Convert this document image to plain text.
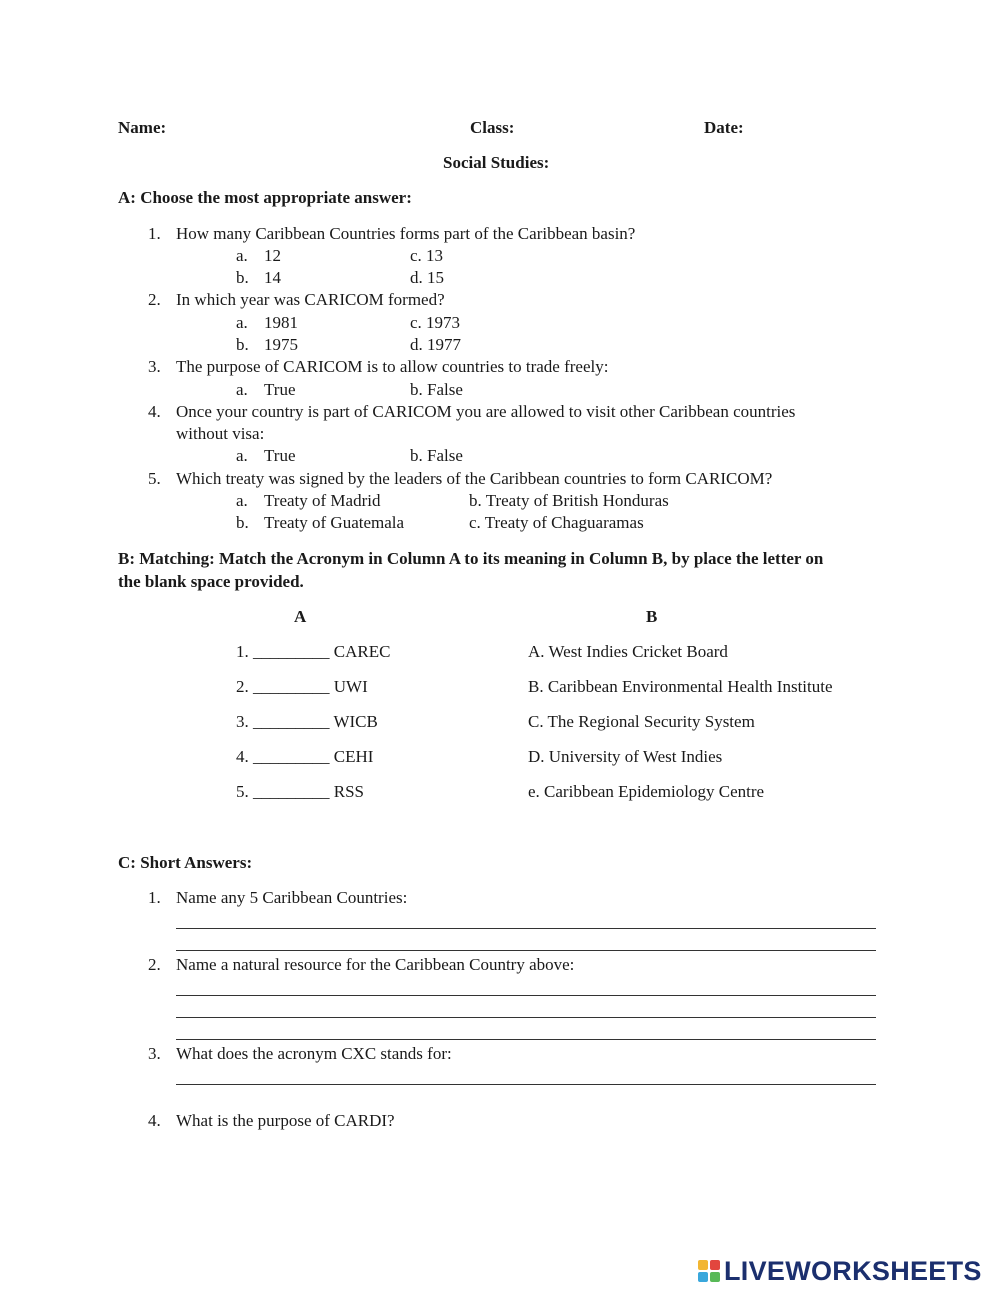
Name:	Class:	Date:
Social Studies:
A: Choose the most appropriate answer:
1. How many Caribbean Countries forms part of the Caribbean basin?
a. 12	c. 13
b. 14	d. 15
2. In which year was CARICOM formed?
a. 1981	c. 1973
b. 1975	d. 1977
3. The purpose of CARICOM is to allow countries to trade freely:
a. True	b. False
4. Once your country is part of CARICOM you are allowed to visit other Caribbean countries
without visa:
a. True	b. False
5. Which treaty was signed by the leaders of the Caribbean countries to form CARICOM?
a. Treaty of Madrid	b. Treaty of British Honduras
b. Treaty of Guatemala	c. Treaty of Chaguaramas
B: Matching: Match the Acronym in Column A to its meaning in Column B, by place the letter on
the blank space provided.
A	B
1. _________ CAREC	A. West Indies Cricket Board
2. _________ UWI	B. Caribbean Environmental Health Institute
3. _________ WICB	C. The Regional Security System
4. _________ CEHI	D. University of West Indies
5. _________ RSS	e. Caribbean Epidemiology Centre
C: Short Answers:
1. Name any 5 Caribbean Countries:
2. Name a natural resource for the Caribbean Country above:
3. What does the acronym CXC stands for:
4. What is the purpose of CARDI?
LIVEWORKSHEETS
